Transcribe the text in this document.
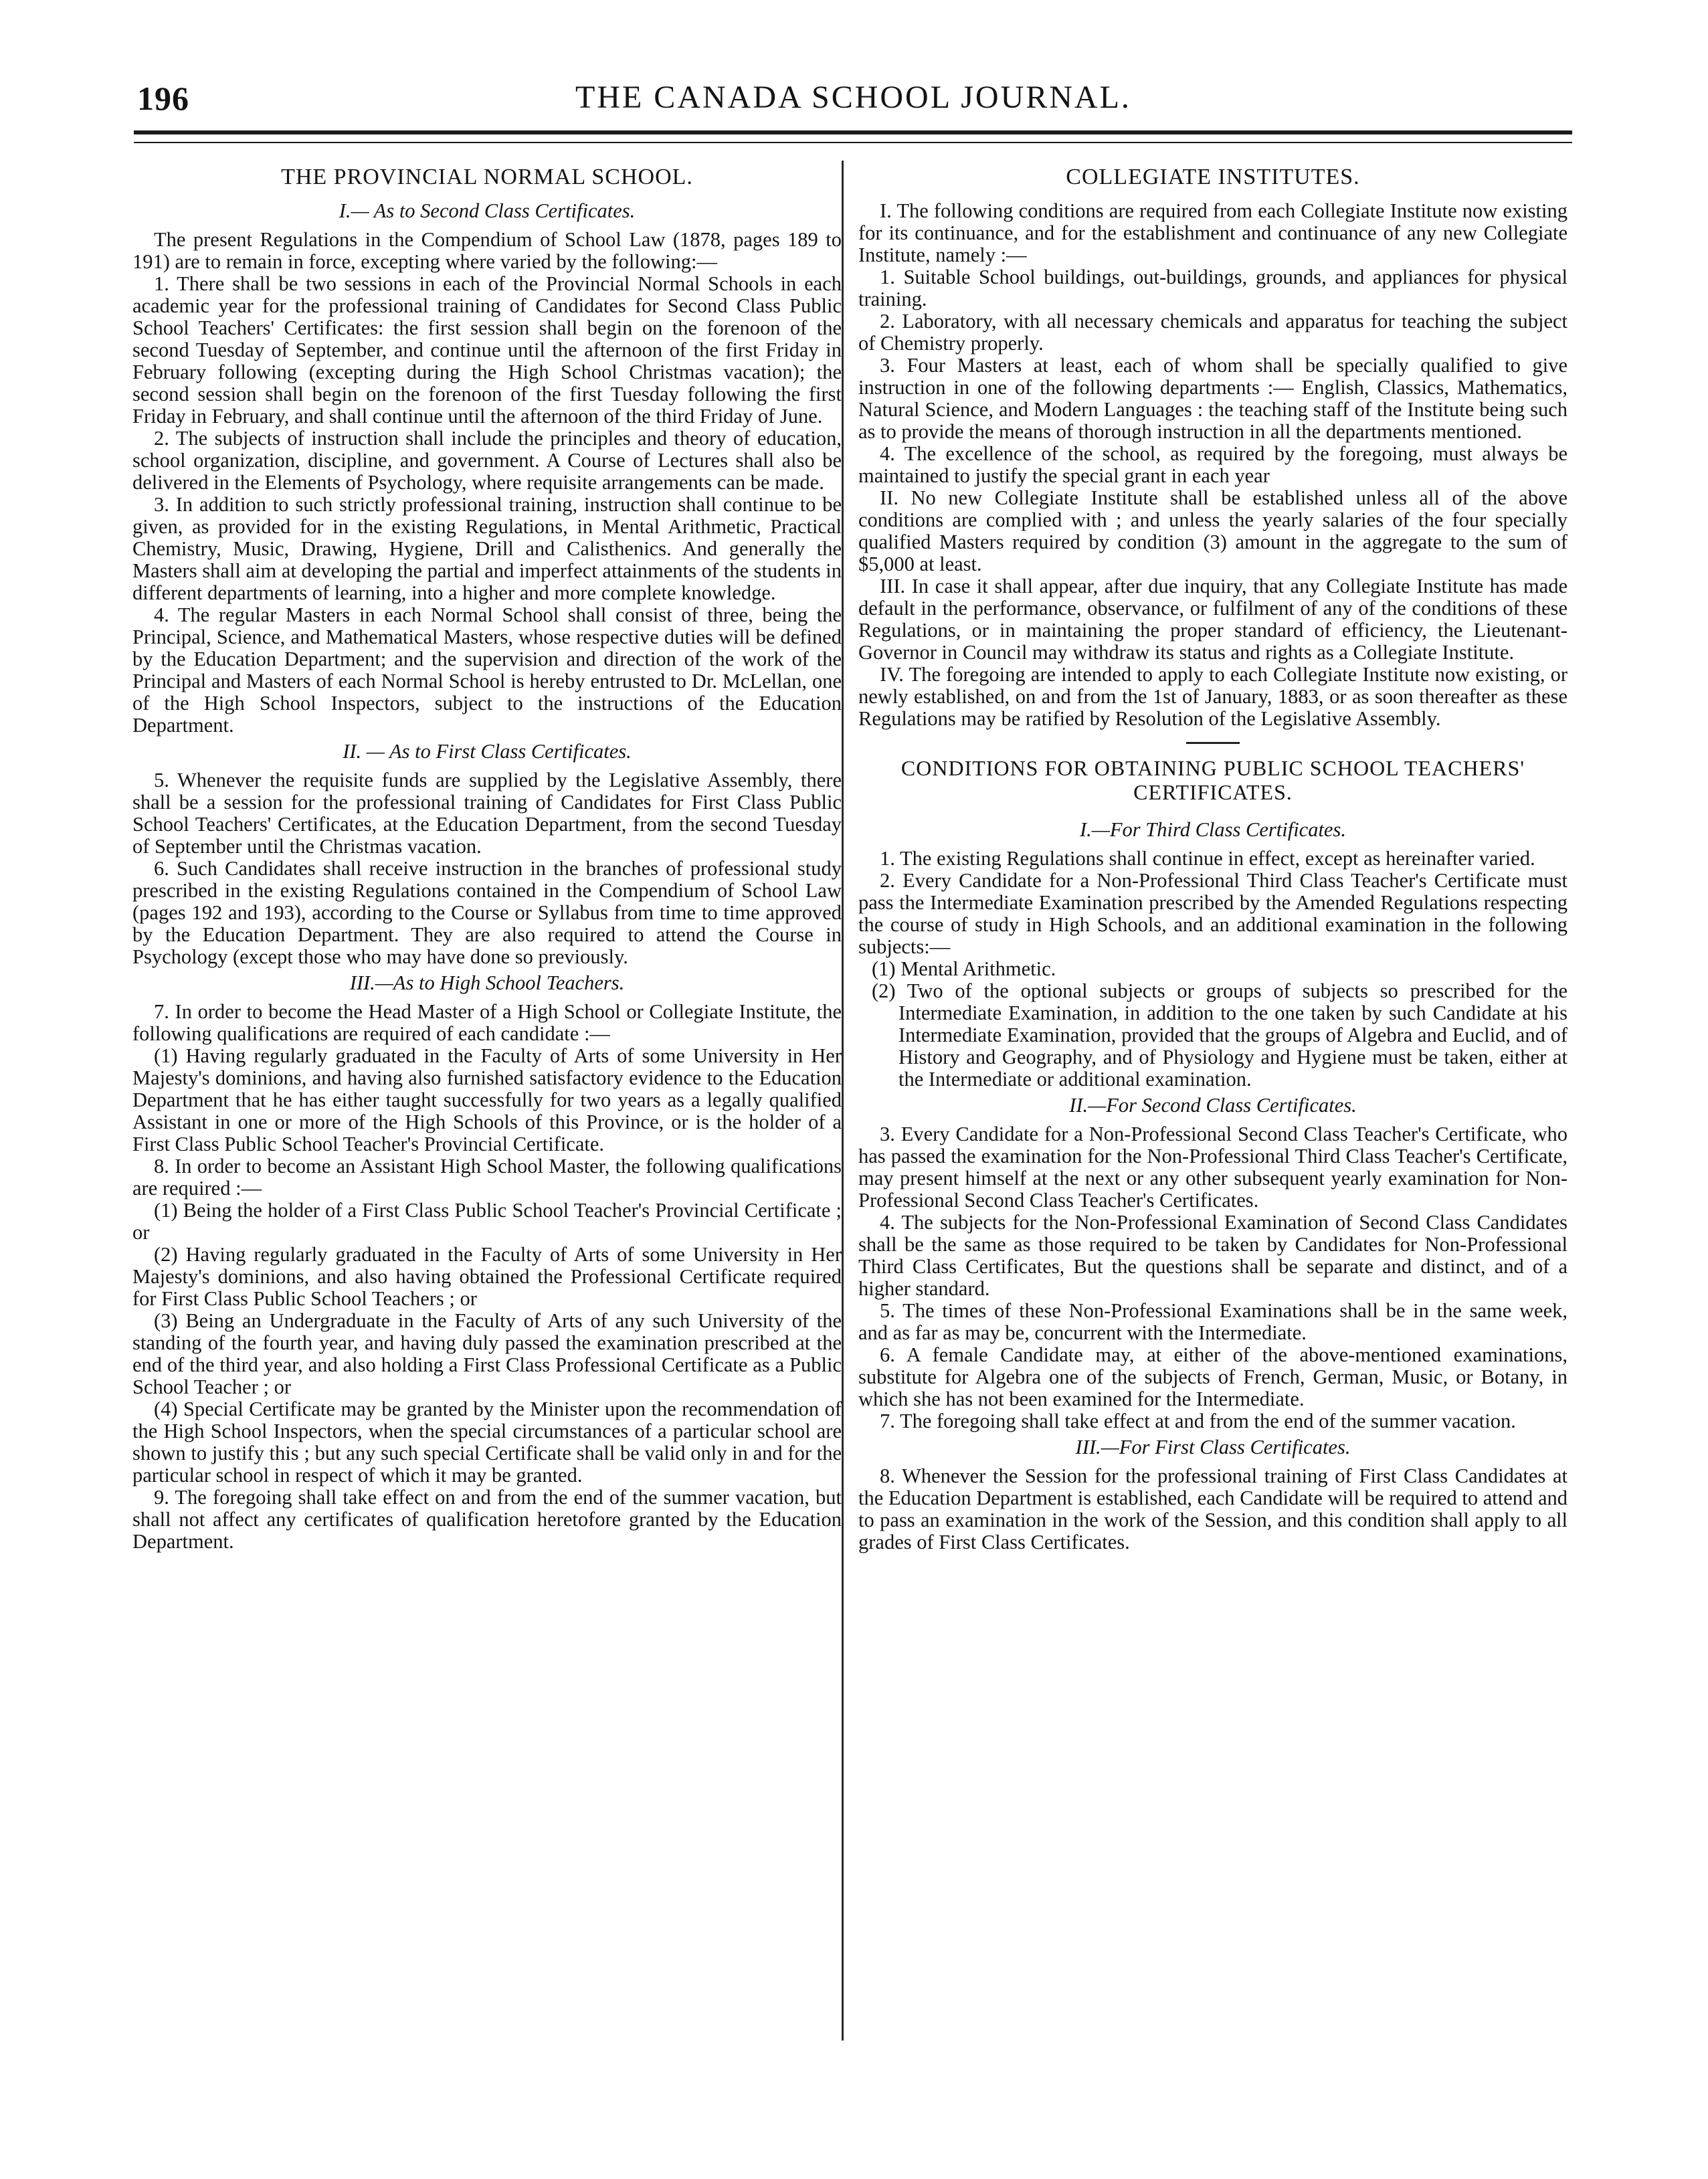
196	THE CANADA SCHOOL JOURNAL.
THE PROVINCIAL NORMAL SCHOOL.
I.— As to Second Class Certificates.

The present Regulations in the Compendium of School Law (1878, pages 189 to 191) are to remain in force, excepting where varied by the following:—

1. There shall be two sessions in each of the Provincial Normal Schools in each academic year for the professional training of Candidates for Second Class Public School Teachers' Certificates: the first session shall begin on the forenoon of the second Tuesday of September, and continue until the afternoon of the first Friday in February following (excepting during the High School Christmas vacation); the second session shall begin on the forenoon of the first Tuesday following the first Friday in February, and shall continue until the afternoon of the third Friday of June.

2. The subjects of instruction shall include the principles and theory of education, school organization, discipline, and government. A Course of Lectures shall also be delivered in the Elements of Psychology, where requisite arrangements can be made.

3. In addition to such strictly professional training, instruction shall continue to be given, as provided for in the existing Regulations, in Mental Arithmetic, Practical Chemistry, Music, Drawing, Hygiene, Drill and Calisthenics. And generally the Masters shall aim at developing the partial and imperfect attainments of the students in different departments of learning, into a higher and more complete knowledge.

4. The regular Masters in each Normal School shall consist of three, being the Principal, Science, and Mathematical Masters, whose respective duties will be defined by the Education Department; and the supervision and direction of the work of the Principal and Masters of each Normal School is hereby entrusted to Dr. McLellan, one of the High School Inspectors, subject to the instructions of the Education Department.

II. — As to First Class Certificates.

5. Whenever the requisite funds are supplied by the Legislative Assembly, there shall be a session for the professional training of Candidates for First Class Public School Teachers' Certificates, at the Education Department, from the second Tuesday of September until the Christmas vacation.

6. Such Candidates shall receive instruction in the branches of professional study prescribed in the existing Regulations contained in the Compendium of School Law (pages 192 and 193), according to the Course or Syllabus from time to time approved by the Education Department. They are also required to attend the Course in Psychology (except those who may have done so previously.

III.—As to High School Teachers.

7. In order to become the Head Master of a High School or Collegiate Institute, the following qualifications are required of each candidate :—

(1) Having regularly graduated in the Faculty of Arts of some University in Her Majesty's dominions, and having also furnished satisfactory evidence to the Education Department that he has either taught successfully for two years as a legally qualified Assistant in one or more of the High Schools of this Province, or is the holder of a First Class Public School Teacher's Provincial Certificate.

8. In order to become an Assistant High School Master, the following qualifications are required :—

(1) Being the holder of a First Class Public School Teacher's Provincial Certificate ; or

(2) Having regularly graduated in the Faculty of Arts of some University in Her Majesty's dominions, and also having obtained the Professional Certificate required for First Class Public School Teachers ; or

(3) Being an Undergraduate in the Faculty of Arts of any such University of the standing of the fourth year, and having duly passed the examination prescribed at the end of the third year, and also holding a First Class Professional Certificate as a Public School Teacher ; or

(4) Special Certificate may be granted by the Minister upon the recommendation of the High School Inspectors, when the special circumstances of a particular school are shown to justify this ; but any such special Certificate shall be valid only in and for the particular school in respect of which it may be granted.

9. The foregoing shall take effect on and from the end of the summer vacation, but shall not affect any certificates of qualification heretofore granted by the Education Department.

COLLEGIATE INSTITUTES.

I. The following conditions are required from each Collegiate Institute now existing for its continuance, and for the establishment and continuance of any new Collegiate Institute, namely :—

1. Suitable School buildings, out-buildings, grounds, and appliances for physical training.

2. Laboratory, with all necessary chemicals and apparatus for teaching the subject of Chemistry properly.

3. Four Masters at least, each of whom shall be specially qualified to give instruction in one of the following departments :— English, Classics, Mathematics, Natural Science, and Modern Languages : the teaching staff of the Institute being such as to provide the means of thorough instruction in all the departments mentioned.

4. The excellence of the school, as required by the foregoing, must always be maintained to justify the special grant in each year

II. No new Collegiate Institute shall be established unless all of the above conditions are complied with ; and unless the yearly salaries of the four specially qualified Masters required by condition (3) amount in the aggregate to the sum of $5,000 at least.

III. In case it shall appear, after due inquiry, that any Collegiate Institute has made default in the performance, observance, or fulfilment of any of the conditions of these Regulations, or in maintaining the proper standard of efficiency, the Lieutenant-Governor in Council may withdraw its status and rights as a Collegiate Institute.

IV. The foregoing are intended to apply to each Collegiate Institute now existing, or newly established, on and from the 1st of January, 1883, or as soon thereafter as these Regulations may be ratified by Resolution of the Legislative Assembly.

CONDITIONS FOR OBTAINING PUBLIC SCHOOL TEACHERS' CERTIFICATES.
I.—For Third Class Certificates.

1. The existing Regulations shall continue in effect, except as hereinafter varied.

2. Every Candidate for a Non-Professional Third Class Teacher's Certificate must pass the Intermediate Examination prescribed by the Amended Regulations respecting the course of study in High Schools, and an additional examination in the following subjects:—

(1) Mental Arithmetic.

(2) Two of the optional subjects or groups of subjects so prescribed for the Intermediate Examination, in addition to the one taken by such Candidate at his Intermediate Examination, provided that the groups of Algebra and Euclid, and of History and Geography, and of Physiology and Hygiene must be taken, either at the Intermediate or additional examination.

II.—For Second Class Certificates.

3. Every Candidate for a Non-Professional Second Class Teacher's Certificate, who has passed the examination for the Non-Professional Third Class Teacher's Certificate, may present himself at the next or any other subsequent yearly examination for Non-Professional Second Class Teacher's Certificates.

4. The subjects for the Non-Professional Examination of Second Class Candidates shall be the same as those required to be taken by Candidates for Non-Professional Third Class Certificates, But the questions shall be separate and distinct, and of a higher standard.

5. The times of these Non-Professional Examinations shall be in the same week, and as far as may be, concurrent with the Intermediate.

6. A female Candidate may, at either of the above-mentioned examinations, substitute for Algebra one of the subjects of French, German, Music, or Botany, in which she has not been examined for the Intermediate.

7. The foregoing shall take effect at and from the end of the summer vacation.

III.—For First Class Certificates.

8. Whenever the Session for the professional training of First Class Candidates at the Education Department is established, each Candidate will be required to attend and to pass an examination in the work of the Session, and this condition shall apply to all grades of First Class Certificates.
